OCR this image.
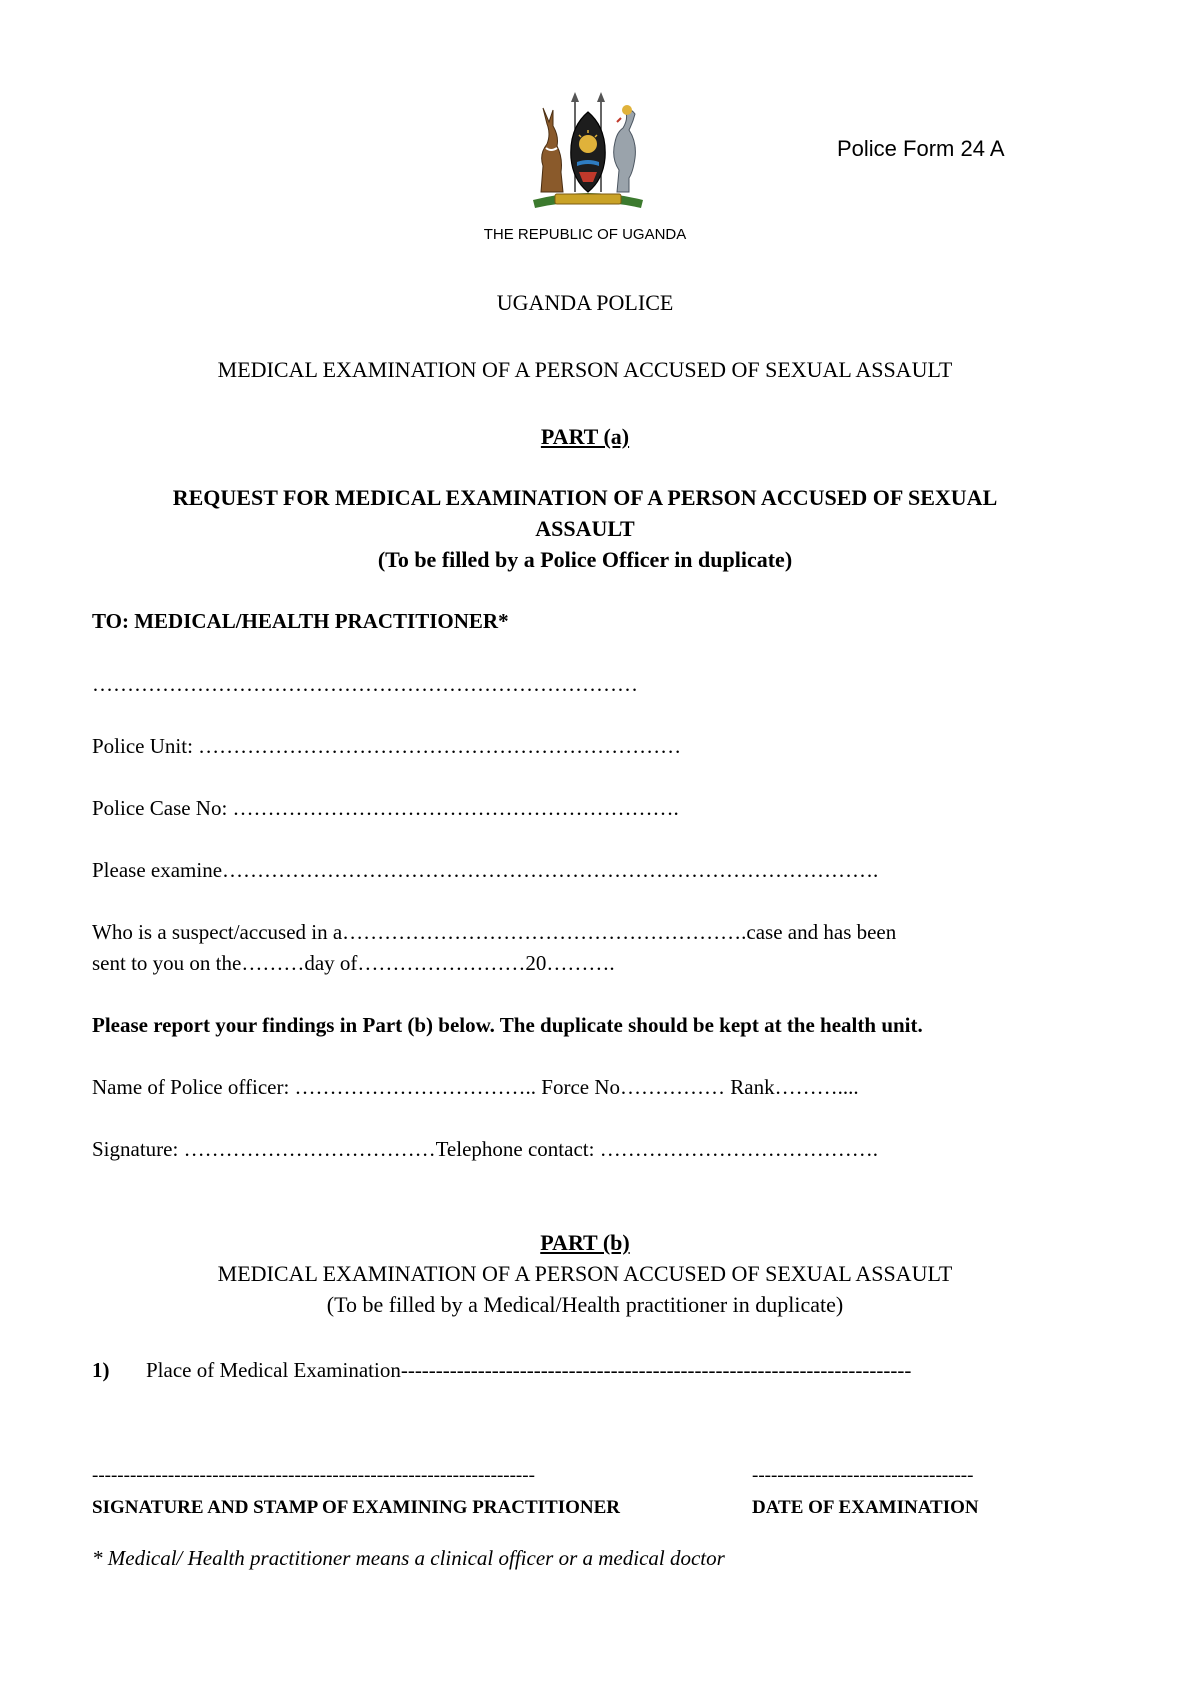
Police Form 24 A
THE REPUBLIC OF UGANDA
UGANDA POLICE
MEDICAL EXAMINATION OF A PERSON ACCUSED OF SEXUAL ASSAULT
PART (a)
REQUEST FOR MEDICAL EXAMINATION OF A PERSON ACCUSED OF SEXUAL
ASSAULT
(To be filled by a Police Officer in duplicate)
TO: MEDICAL/HEALTH PRACTITIONER*
……………………………………………………………………
Police Unit: ……………………………………………………………
Police Case No: ……………………………………………………….
Please examine………………………………………………………………………………….
Who is a suspect/accused in a………………………………………………….case and has been
sent to you on the………day of……………………20……….
Please report your findings in Part (b) below. The duplicate should be kept at the health unit.
Name of Police officer: …………………………….. Force No…………… Rank………....
Signature: ………………………………Telephone contact: ………………………………….
PART (b)
MEDICAL EXAMINATION OF A PERSON ACCUSED OF SEXUAL ASSAULT
(To be filled by a Medical/Health practitioner in duplicate)
1) Place of Medical Examination-------------------------------------------------------------------------
----------------------------------------------------------------------	-----------------------------------
SIGNATURE AND STAMP OF EXAMINING PRACTITIONER	DATE OF EXAMINATION
* Medical/ Health practitioner means a clinical officer or a medical doctor
